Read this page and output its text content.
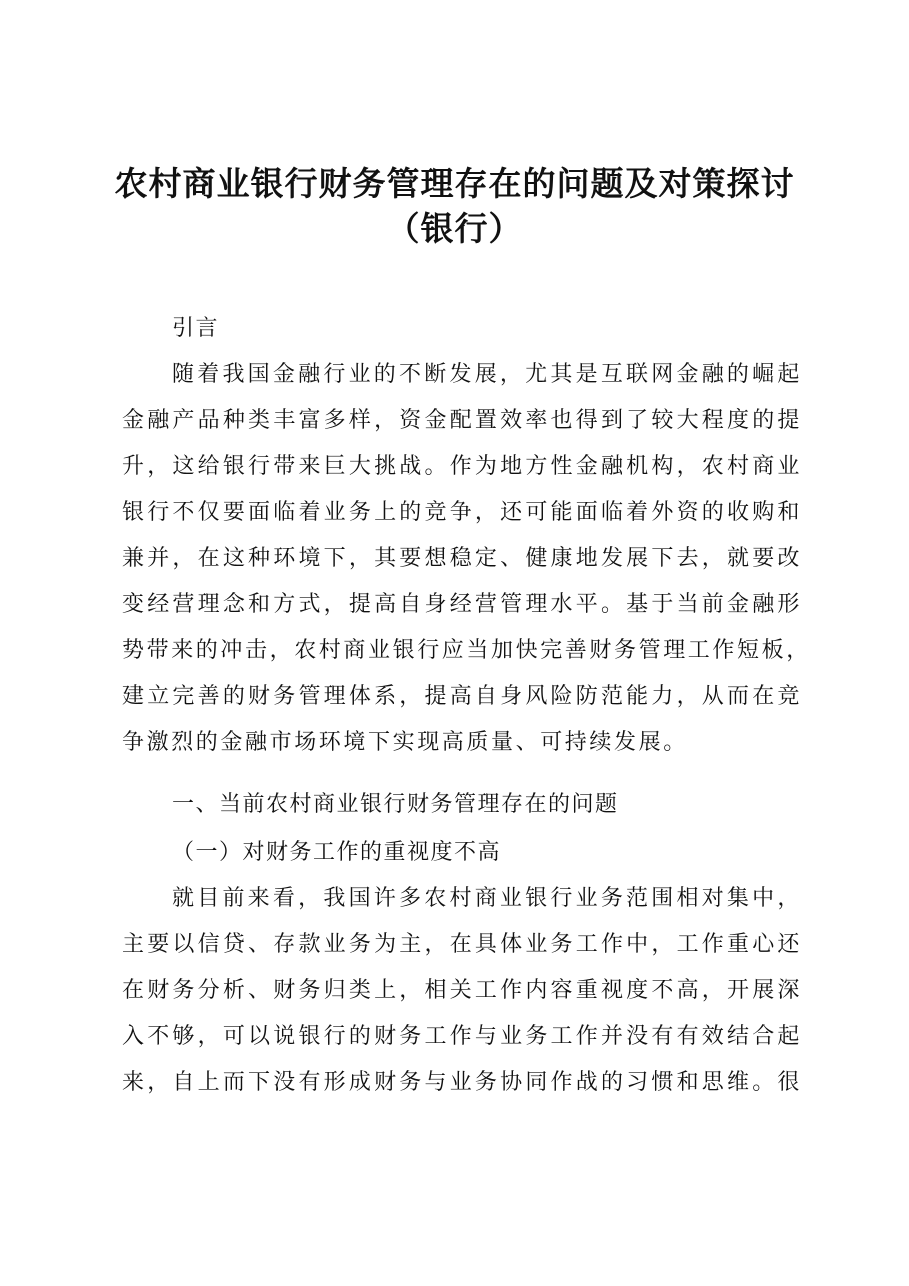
农村商业银行财务管理存在的问题及对策探讨
（银行）

引言

随着我国金融行业的不断发展，尤其是互联网金融的崛起

金融产品种类丰富多样，资金配置效率也得到了较大程度的提

升，这给银行带来巨大挑战。作为地方性金融机构，农村商业

银行不仅要面临着业务上的竞争，还可能面临着外资的收购和

兼并，在这种环境下，其要想稳定、健康地发展下去，就要改

变经营理念和方式，提高自身经营管理水平。基于当前金融形

势带来的冲击，农村商业银行应当加快完善财务管理工作短板，

建立完善的财务管理体系，提高自身风险防范能力，从而在竞

争激烈的金融市场环境下实现高质量、可持续发展。

一、当前农村商业银行财务管理存在的问题

（一）对财务工作的重视度不高

就目前来看，我国许多农村商业银行业务范围相对集中，

主要以信贷、存款业务为主，在具体业务工作中，工作重心还

在财务分析、财务归类上，相关工作内容重视度不高，开展深

入不够，可以说银行的财务工作与业务工作并没有有效结合起

来，自上而下没有形成财务与业务协同作战的习惯和思维。很
